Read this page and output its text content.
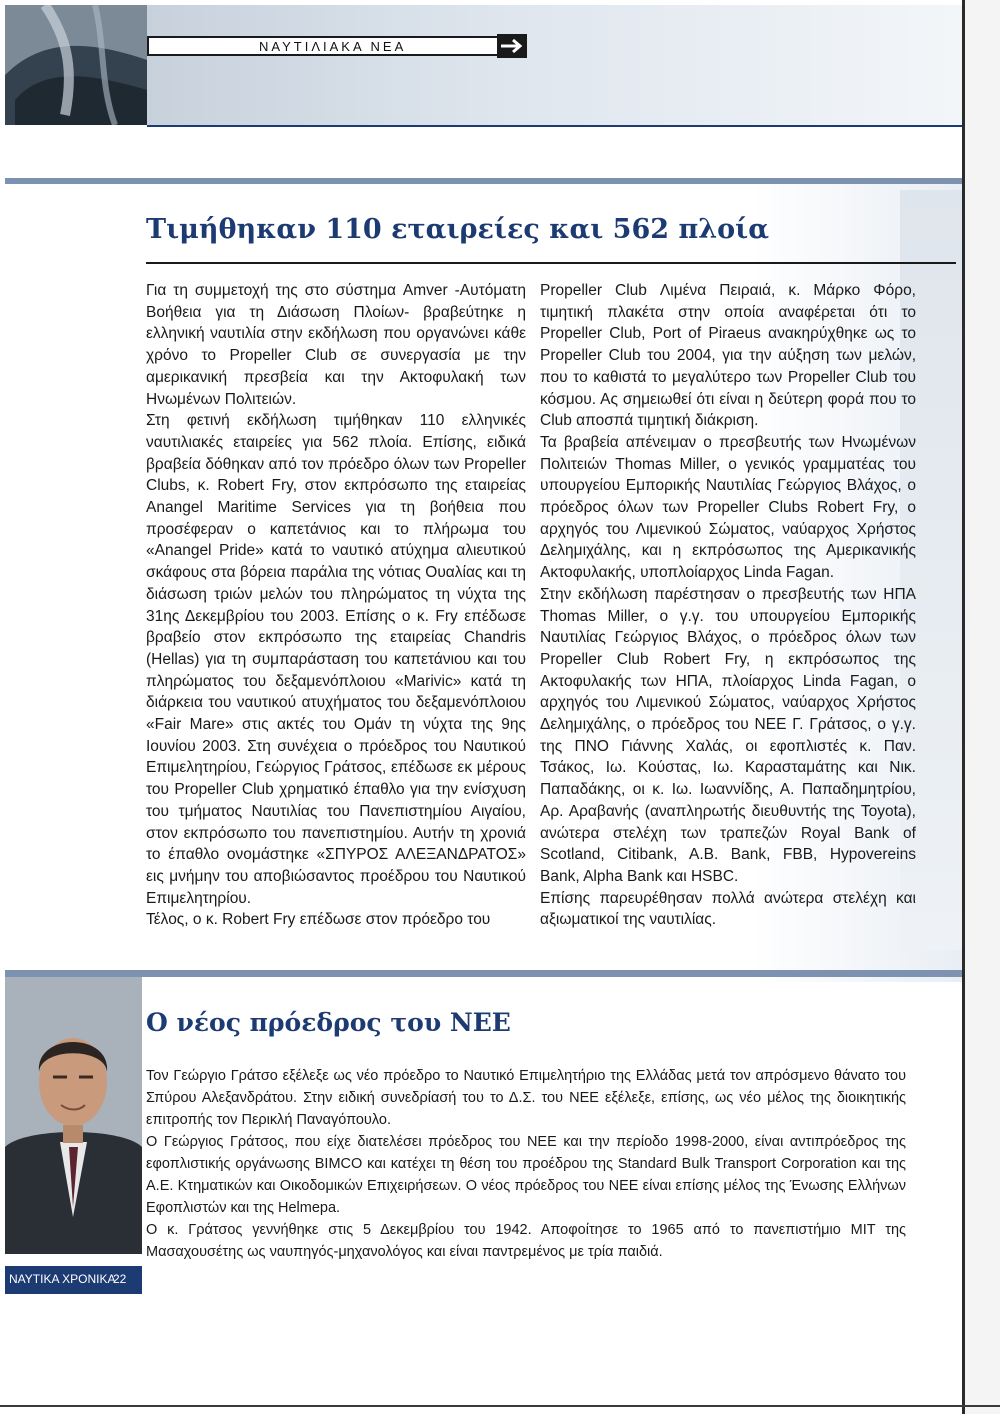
ΝΑΥΤΙΛΙΑΚΑ ΝΕΑ
Τιμήθηκαν 110 εταιρείες και 562 πλοία

Για τη συμμετοχή της στο σύστημα Amver -Αυτόματη Βοήθεια για τη Διάσωση Πλοίων- βραβεύτηκε η ελληνική ναυτιλία στην εκδήλωση που οργανώνει κάθε χρόνο το Propeller Club σε συνεργασία με την αμερικανική πρεσβεία και την Ακτοφυλακή των Ηνωμένων Πολιτειών.

Στη φετινή εκδήλωση τιμήθηκαν 110 ελληνικές ναυτιλιακές εταιρείες για 562 πλοία. Επίσης, ειδικά βραβεία δόθηκαν από τον πρόεδρο όλων των Propeller Clubs, κ. Robert Fry, στον εκπρόσωπο της εταιρείας Anangel Maritime Services για τη βοήθεια που προσέφεραν ο καπετάνιος και το πλήρωμα του «Anangel Pride» κατά το ναυτικό ατύχημα αλιευτικού σκάφους στα βόρεια παράλια της νότιας Ουαλίας και τη διάσωση τριών μελών του πληρώματος τη νύχτα της 31ης Δεκεμβρίου του 2003. Επίσης ο κ. Fry επέδωσε βραβείο στον εκπρόσωπο της εταιρείας Chandris (Hellas) για τη συμπαράσταση του καπετάνιου και του πληρώματος του δεξαμενόπλοιου «Marivic» κατά τη διάρκεια του ναυτικού ατυχήματος του δεξαμενόπλοιου «Fair Mare» στις ακτές του Ομάν τη νύχτα της 9ης Ιουνίου 2003. Στη συνέχεια ο πρόεδρος του Ναυτικού Επιμελητηρίου, Γεώργιος Γράτσος, επέδωσε εκ μέρους του Propeller Club χρηματικό έπαθλο για την ενίσχυση του τμήματος Ναυτιλίας του Πανεπιστημίου Αιγαίου, στον εκπρόσωπο του πανεπιστημίου. Αυτήν τη χρονιά το έπαθλο ονομάστηκε «ΣΠΥΡΟΣ ΑΛΕΞΑΝΔΡΑΤΟΣ» εις μνήμην του αποβιώσαντος προέδρου του Ναυτικού Επιμελητηρίου.

Τέλος, ο κ. Robert Fry επέδωσε στον πρόεδρο του

Propeller Club Λιμένα Πειραιά, κ. Μάρκο Φόρο, τιμητική πλακέτα στην οποία αναφέρεται ότι το Propeller Club, Port of Piraeus ανακηρύχθηκε ως το Propeller Club του 2004, για την αύξηση των μελών, που το καθιστά το μεγαλύτερο των Propeller Club του κόσμου. Ας σημειωθεί ότι είναι η δεύτερη φορά που το Club αποσπά τιμητική διάκριση.

Τα βραβεία απένειμαν ο πρεσβευτής των Ηνωμένων Πολιτειών Thomas Miller, ο γενικός γραμματέας του υπουργείου Εμπορικής Ναυτιλίας Γεώργιος Βλάχος, ο πρόεδρος όλων των Propeller Clubs Robert Fry, ο αρχηγός του Λιμενικού Σώματος, ναύαρχος Χρήστος Δελημιχάλης, και η εκπρόσωπος της Αμερικανικής Ακτοφυλακής, υποπλοίαρχος Linda Fagan.

Στην εκδήλωση παρέστησαν ο πρεσβευτής των ΗΠΑ Thomas Miller, ο γ.γ. του υπουργείου Εμπορικής Ναυτιλίας Γεώργιος Βλάχος, ο πρόεδρος όλων των Propeller Club Robert Fry, η εκπρόσωπος της Ακτοφυλακής των ΗΠΑ, πλοίαρχος Linda Fagan, ο αρχηγός του Λιμενικού Σώματος, ναύαρχος Χρήστος Δελημιχάλης, ο πρόεδρος του ΝΕΕ Γ. Γράτσος, ο γ.γ. της ΠΝΟ Γιάννης Χαλάς, οι εφοπλιστές κ. Παν. Τσάκος, Ιω. Κούστας, Ιω. Καρασταμάτης και Νικ. Παπαδάκης, οι κ. Ιω. Ιωαννίδης, Α. Παπαδημητρίου, Αρ. Αραβανής (αναπληρωτής διευθυντής της Toyota), ανώτερα στελέχη των τραπεζών Royal Bank of Scotland, Citibank, A.B. Bank, FBB, Hypovereins Bank, Alpha Bank και HSBC.

Επίσης παρευρέθησαν πολλά ανώτερα στελέχη και αξιωματικοί της ναυτιλίας.

Ο νέος πρόεδρος του ΝΕΕ

Τον Γεώργιο Γράτσο εξέλεξε ως νέο πρόεδρο το Ναυτικό Επιμελητήριο της Ελλάδας μετά τον απρόσμενο θάνατο του Σπύρου Αλεξανδράτου. Στην ειδική συνεδρίασή του το Δ.Σ. του ΝΕΕ εξέλεξε, επίσης, ως νέο μέλος της διοικητικής επιτροπής τον Περικλή Παναγόπουλο.

Ο Γεώργιος Γράτσος, που είχε διατελέσει πρόεδρος του ΝΕΕ και την περίοδο 1998-2000, είναι αντιπρόεδρος της εφοπλιστικής οργάνωσης BIMCO και κατέχει τη θέση του προέδρου της Standard Bulk Transport Corporation και της Α.Ε. Κτηματικών και Οικοδομικών Επιχειρήσεων. Ο νέος πρόεδρος του ΝΕΕ είναι επίσης μέλος της Ένωσης Ελλήνων Εφοπλιστών και της Helmepa.

Ο κ. Γράτσος γεννήθηκε στις 5 Δεκεμβρίου του 1942. Αποφοίτησε το 1965 από το πανεπιστήμιο MIT της Μασαχουσέτης ως ναυπηγός-μηχανολόγος και είναι παντρεμένος με τρία παιδιά.

ΝΑΥΤΙΚΑ ΧΡΟΝΙΚΑ
22
